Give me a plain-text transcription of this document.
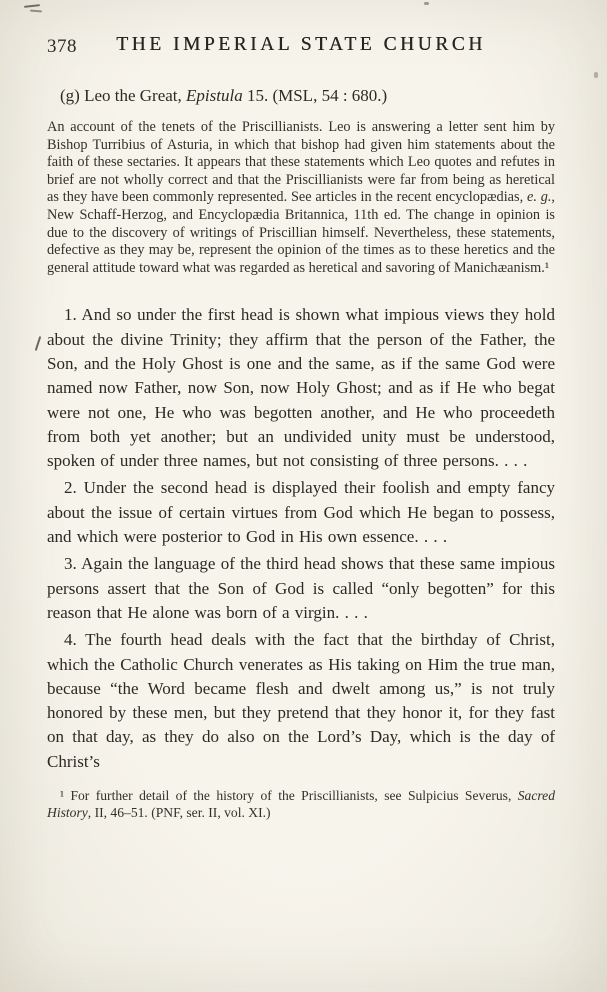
378	THE IMPERIAL STATE CHURCH

(g) Leo the Great, Epistula 15. (MSL, 54 : 680.)

An account of the tenets of the Priscillianists. Leo is answering a letter sent him by Bishop Turribius of Asturia, in which that bishop had given him statements about the faith of these sectaries. It appears that these statements which Leo quotes and refutes in brief are not wholly correct and that the Priscillianists were far from being as heretical as they have been commonly represented. See articles in the recent encyclopædias, e. g., New Schaff-Herzog, and Encyclopædia Britannica, 11th ed. The change in opinion is due to the discovery of writings of Priscillian himself. Nevertheless, these statements, defective as they may be, represent the opinion of the times as to these heretics and the general attitude toward what was regarded as heretical and savoring of Manichæanism.¹

1. And so under the first head is shown what impious views they hold about the divine Trinity; they affirm that the person of the Father, the Son, and the Holy Ghost is one and the same, as if the same God were named now Father, now Son, now Holy Ghost; and as if He who begat were not one, He who was begotten another, and He who proceedeth from both yet another; but an undivided unity must be understood, spoken of under three names, but not consisting of three persons. . . .

2. Under the second head is displayed their foolish and empty fancy about the issue of certain virtues from God which He began to possess, and which were posterior to God in His own essence. . . .

3. Again the language of the third head shows that these same impious persons assert that the Son of God is called “only begotten” for this reason that He alone was born of a virgin. . . .

4. The fourth head deals with the fact that the birthday of Christ, which the Catholic Church venerates as His taking on Him the true man, because “the Word became flesh and dwelt among us,” is not truly honored by these men, but they pretend that they honor it, for they fast on that day, as they do also on the Lord’s Day, which is the day of Christ’s

¹ For further detail of the history of the Priscillianists, see Sulpicius Severus, Sacred History, II, 46–51. (PNF, ser. II, vol. XI.)
